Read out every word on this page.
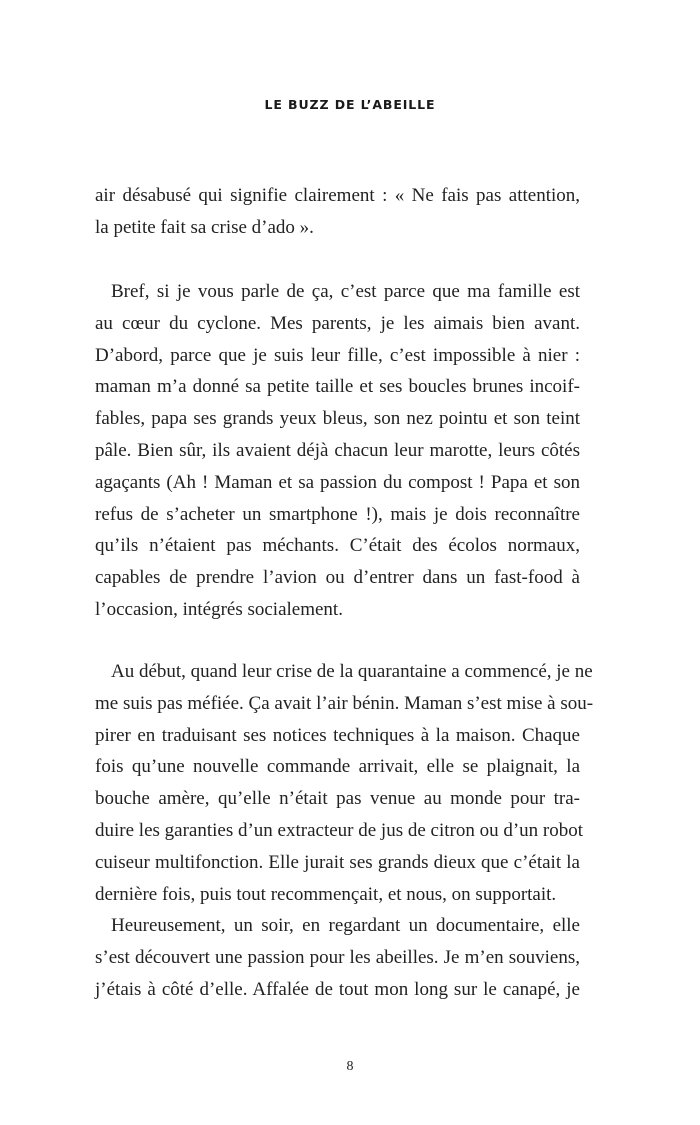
LE BUZZ DE L’ABEILLE
air désabusé qui signifie clairement : « Ne fais pas attention,
la petite fait sa crise d’ado ».
Bref, si je vous parle de ça, c’est parce que ma famille est
au cœur du cyclone. Mes parents, je les aimais bien avant.
D’abord, parce que je suis leur fille, c’est impossible à nier :
maman m’a donné sa petite taille et ses boucles brunes incoif-
fables, papa ses grands yeux bleus, son nez pointu et son teint
pâle. Bien sûr, ils avaient déjà chacun leur marotte, leurs côtés
agaçants (Ah ! Maman et sa passion du compost ! Papa et son
refus de s’acheter un smartphone !), mais je dois reconnaître
qu’ils n’étaient pas méchants. C’était des écolos normaux,
capables de prendre l’avion ou d’entrer dans un fast-food à
l’occasion, intégrés socialement.
Au début, quand leur crise de la quarantaine a commencé, je ne
me suis pas méfiée. Ça avait l’air bénin. Maman s’est mise à sou-
pirer en traduisant ses notices techniques à la maison. Chaque
fois qu’une nouvelle commande arrivait, elle se plaignait, la
bouche amère, qu’elle n’était pas venue au monde pour tra-
duire les garanties d’un extracteur de jus de citron ou d’un robot
cuiseur multifonction. Elle jurait ses grands dieux que c’était la
dernière fois, puis tout recommençait, et nous, on supportait.
Heureusement, un soir, en regardant un documentaire, elle
s’est découvert une passion pour les abeilles. Je m’en souviens,
j’étais à côté d’elle. Affalée de tout mon long sur le canapé, je
8
